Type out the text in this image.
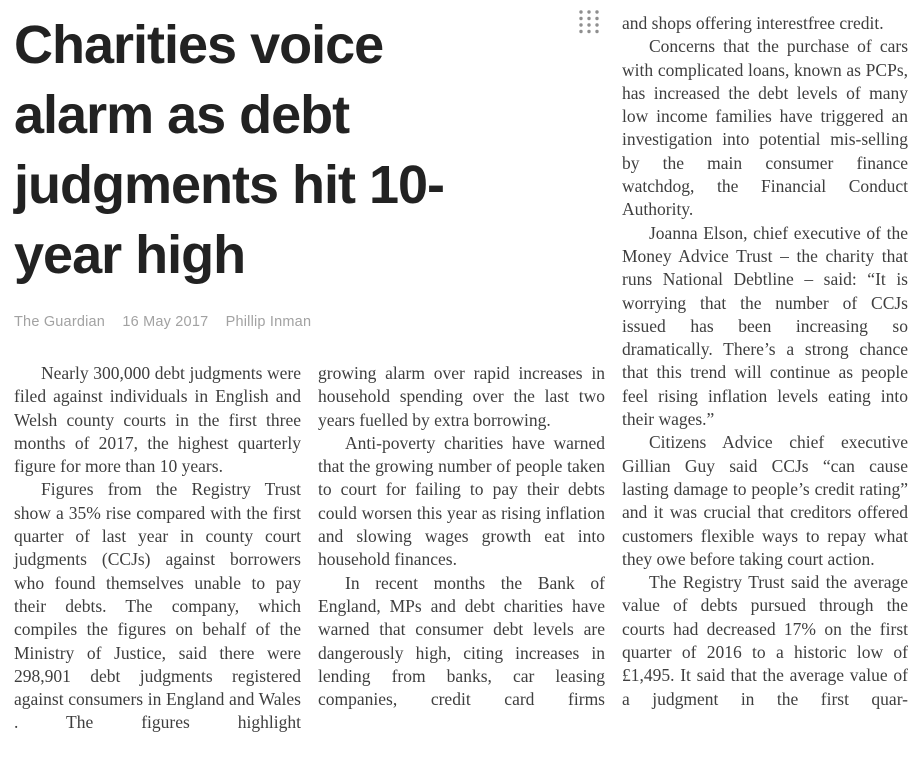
Charities voice
alarm as debt
judgments hit 10-
year high
The Guardian 16 May 2017 Phillip Inman

Nearly 300,000 debt judgments were filed against individuals in English and Welsh county courts in the first three months of 2017, the highest quarterly figure for more than 10 years.

Figures from the Registry Trust show a 35% rise compared with the first quarter of last year in county court judgments (CCJs) against borrowers who found themselves unable to pay their debts. The company, which compiles the figures on behalf of the Ministry of Justice, said there were 298,901 debt judgments registered against consumers in England and Wales . The figures highlight

growing alarm over rapid increases in household spending over the last two years fuelled by extra borrowing.

Anti-poverty charities have warned that the growing number of people taken to court for failing to pay their debts could worsen this year as rising inflation and slowing wages growth eat into household finances.

In recent months the Bank of England, MPs and debt charities have warned that consumer debt levels are dangerously high, citing increases in lending from banks, car leasing companies, credit card firms

and shops offering interestfree credit.

Concerns that the purchase of cars with complicated loans, known as PCPs, has increased the debt levels of many low income families have triggered an investigation into potential mis-selling by the main consumer finance watchdog, the Financial Conduct Authority.

Joanna Elson, chief executive of the Money Advice Trust – the charity that runs National Debtline – said: “It is worrying that the number of CCJs issued has been increasing so dramatically. There’s a strong chance that this trend will continue as people feel rising inflation levels eating into their wages.”

Citizens Advice chief executive Gillian Guy said CCJs “can cause lasting damage to people’s credit rating” and it was crucial that creditors offered customers flexible ways to repay what they owe before taking court action.

The Registry Trust said the average value of debts pursued through the courts had decreased 17% on the first quarter of 2016 to a historic low of £1,495. It said that the average value of a judgment in the first quar-
